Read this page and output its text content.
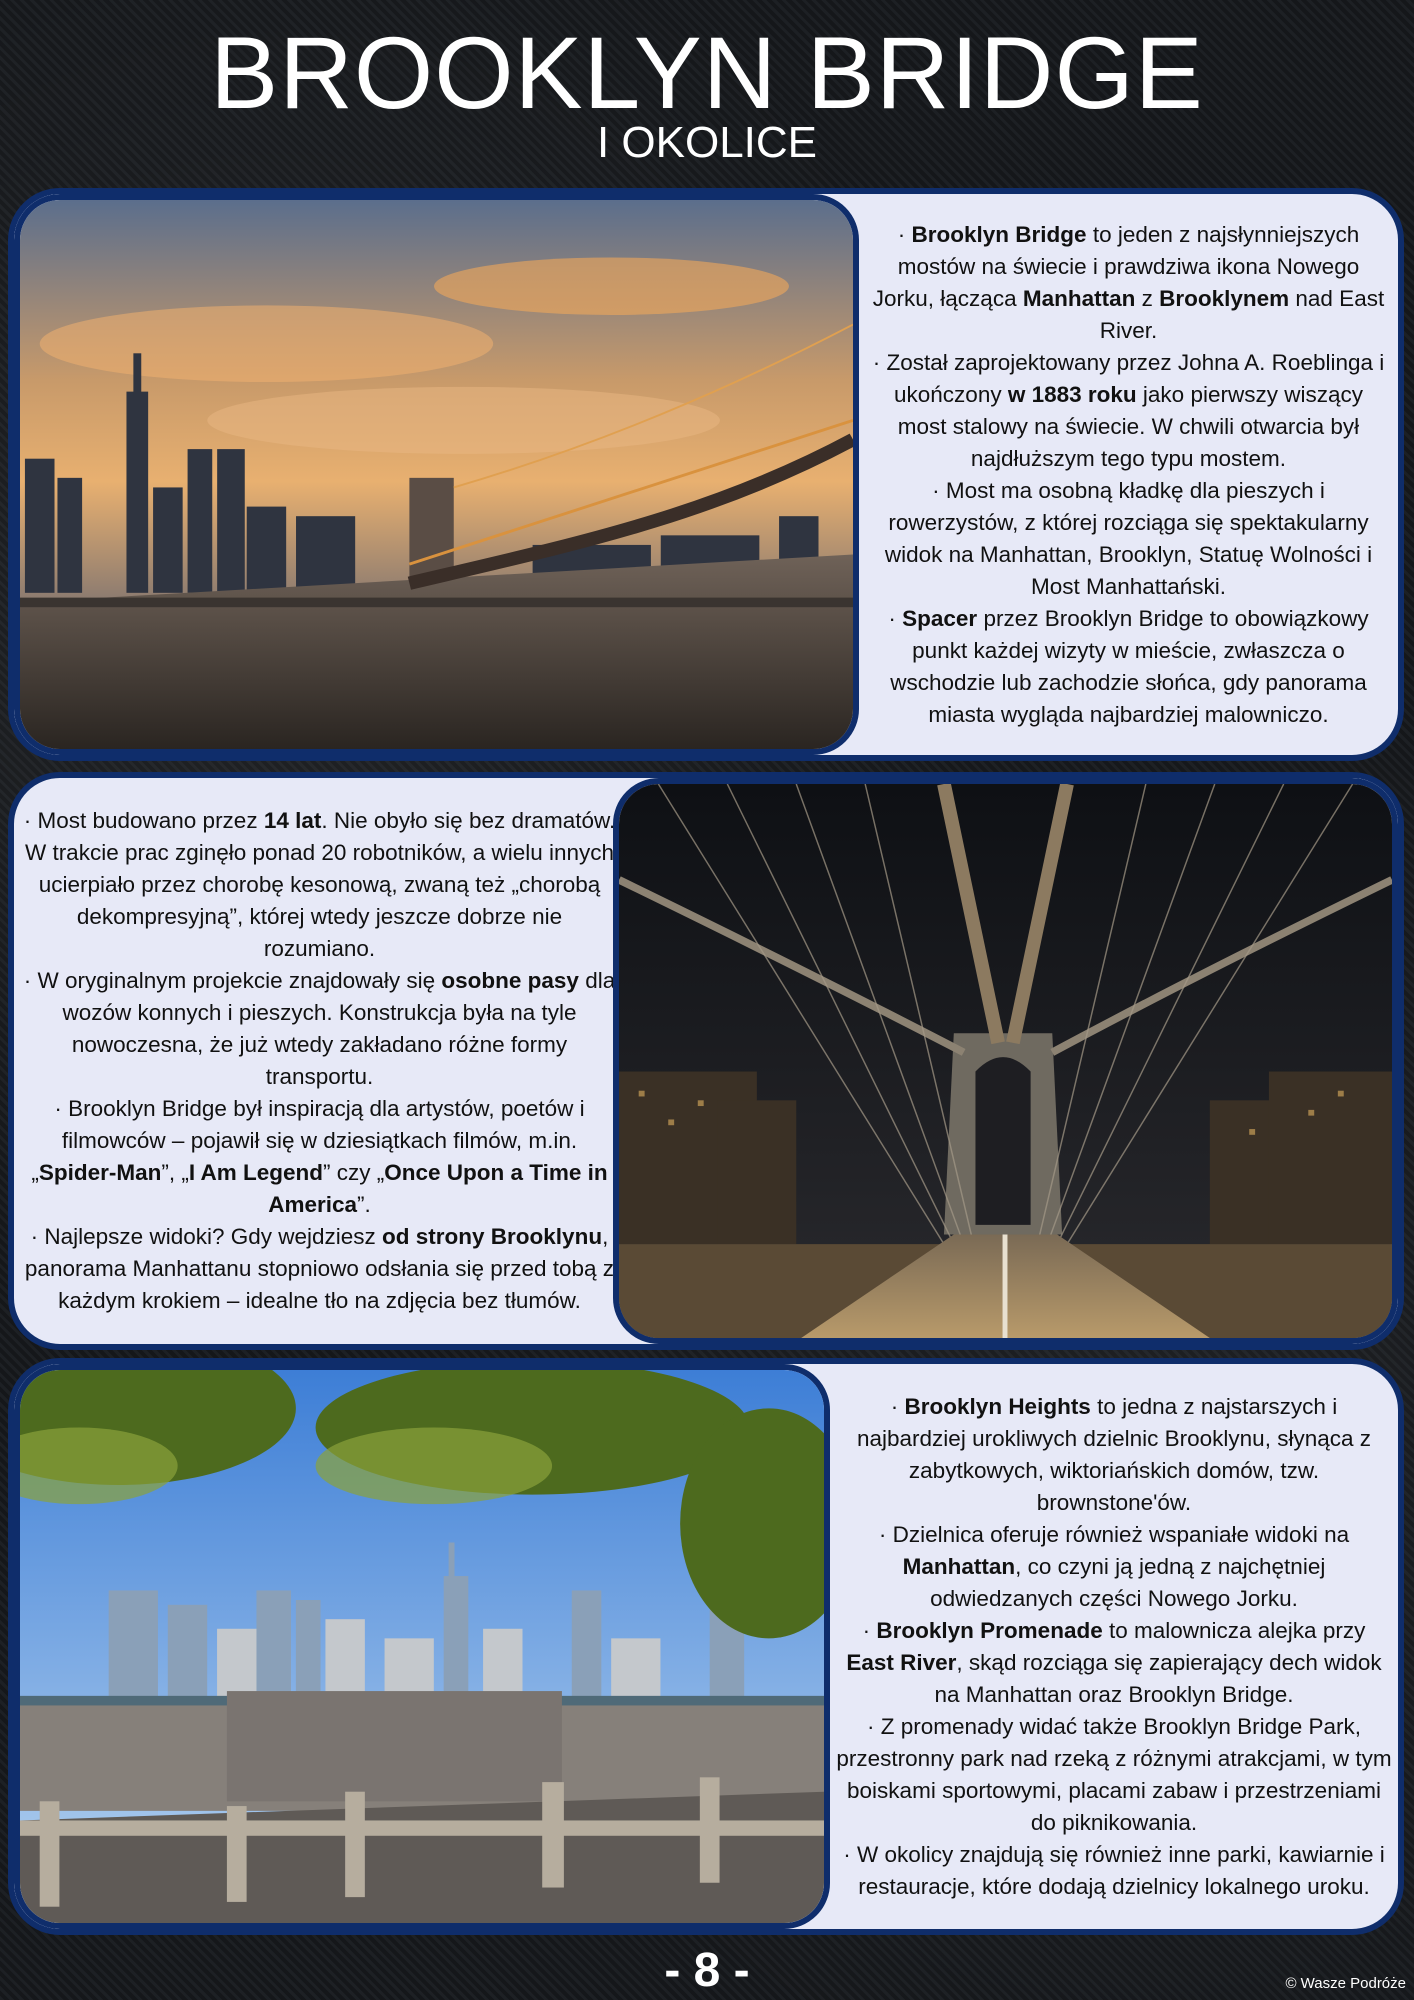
BROOKLYN BRIDGE
I OKOLICE

· Brooklyn Bridge to jeden z najsłynniejszych mostów na świecie i prawdziwa ikona Nowego Jorku, łącząca Manhattan z Brooklynem nad East River.

· Został zaprojektowany przez Johna A. Roeblinga i ukończony w 1883 roku jako pierwszy wiszący most stalowy na świecie. W chwili otwarcia był najdłuższym tego typu mostem.

· Most ma osobną kładkę dla pieszych i rowerzystów, z której rozciąga się spektakularny widok na Manhattan, Brooklyn, Statuę Wolności i Most Manhattański.

· Spacer przez Brooklyn Bridge to obowiązkowy punkt każdej wizyty w mieście, zwłaszcza o wschodzie lub zachodzie słońca, gdy panorama miasta wygląda najbardziej malowniczo.

· Most budowano przez 14 lat. Nie obyło się bez dramatów. W trakcie prac zginęło ponad 20 robotników, a wielu innych ucierpiało przez chorobę kesonową, zwaną też „chorobą dekompresyjną”, której wtedy jeszcze dobrze nie rozumiano.

· W oryginalnym projekcie znajdowały się osobne pasy dla wozów konnych i pieszych. Konstrukcja była na tyle nowoczesna, że już wtedy zakładano różne formy transportu.

· Brooklyn Bridge był inspiracją dla artystów, poetów i filmowców – pojawił się w dziesiątkach filmów, m.in. „Spider-Man”, „I Am Legend” czy „Once Upon a Time in America”.

· Najlepsze widoki? Gdy wejdziesz od strony Brooklynu, panorama Manhattanu stopniowo odsłania się przed tobą z każdym krokiem – idealne tło na zdjęcia bez tłumów.

· Brooklyn Heights to jedna z najstarszych i najbardziej urokliwych dzielnic Brooklynu, słynąca z zabytkowych, wiktoriańskich domów, tzw. brownstone'ów.

· Dzielnica oferuje również wspaniałe widoki na Manhattan, co czyni ją jedną z najchętniej odwiedzanych części Nowego Jorku.

· Brooklyn Promenade to malownicza alejka przy East River, skąd rozciąga się zapierający dech widok na Manhattan oraz Brooklyn Bridge.

· Z promenady widać także Brooklyn Bridge Park, przestronny park nad rzeką z różnymi atrakcjami, w tym boiskami sportowymi, placami zabaw i przestrzeniami do piknikowania.

· W okolicy znajdują się również inne parki, kawiarnie i restauracje, które dodają dzielnicy lokalnego uroku.

- 8 -	© Wasze Podróże
